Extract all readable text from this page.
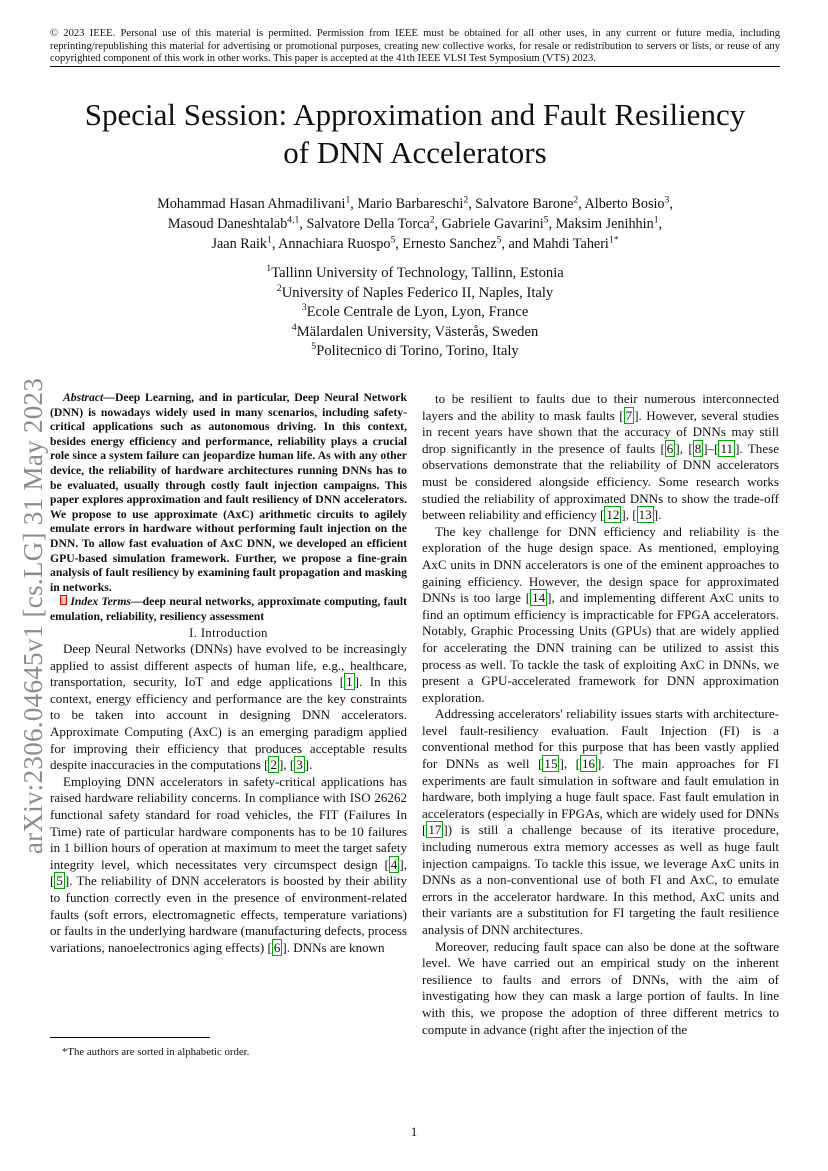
© 2023 IEEE. Personal use of this material is permitted. Permission from IEEE must be obtained for all other uses, in any current or future media, including reprinting/republishing this material for advertising or promotional purposes, creating new collective works, for resale or redistribution to servers or lists, or reuse of any copyrighted component of this work in other works. This paper is accepted at the 41th IEEE VLSI Test Symposium (VTS) 2023.
Special Session: Approximation and Fault Resiliency
of DNN Accelerators
Mohammad Hasan Ahmadilivani$^1$, Mario Barbareschi$^2$, Salvatore Barone$^2$, Alberto Bosio$^3$,
Masoud Daneshtalab$^{4,1}$, Salvatore Della Torca$^2$, Gabriele Gavarini$^5$, Maksim Jenihhin$^1$,
Jaan Raik$^1$, Annachiara Ruospo$^5$, Ernesto Sanchez$^5$, and Mahdi Taheri$^{1*}$
$^1$Tallinn University of Technology, Tallinn, Estonia
$^2$University of Naples Federico II, Naples, Italy
$^3$Ecole Centrale de Lyon, Lyon, France
$^4$Mälardalen University, Västerås, Sweden
$^5$Politecnico di Torino, Torino, Italy
arXiv:2306.04645v1 [cs.LG] 31 May 2023	Abstract—Deep Learning, and in particular, Deep Neural Network (DNN) is nowadays widely used in many scenarios, including safety-critical applications such as autonomous driving. In this context, besides energy efficiency and performance, reliability plays a crucial role since a system failure can jeopardize human life. As with any other device, the reliability of hardware architectures running DNNs has to be evaluated, usually through costly fault injection campaigns. This paper explores approximation and fault resiliency of DNN accelerators. We propose to use approximate (AxC) arithmetic circuits to agilely emulate errors in hardware without performing fault injection on the DNN. To allow fast evaluation of AxC DNN, we developed an efficient GPU-based simulation framework. Further, we propose a fine-grain analysis of fault resiliency by examining fault propagation and masking in networks.

Index Terms—deep neural networks, approximate computing, fault emulation, reliability, resiliency assessment

I. Introduction

Deep Neural Networks (DNNs) have evolved to be increasingly applied to assist different aspects of human life, e.g., healthcare, transportation, security, IoT and edge applications [ 1 ]. In this context, energy efficiency and performance are the key constraints to be taken into account in designing DNN accelerators. Approximate Computing (AxC) is an emerging paradigm applied for improving their efficiency that produces acceptable results despite inaccuracies in the computations [ 2 ], [ 3 ].

Employing DNN accelerators in safety-critical applications has raised hardware reliability concerns. In compliance with ISO 26262 functional safety standard for road vehicles, the FIT (Failures In Time) rate of particular hardware components has to be 10 failures in 1 billion hours of operation at maximum to meet the target safety integrity level, which necessitates very circumspect design [ 4 ], [ 5 ]. The reliability of DNN accelerators is boosted by their ability to function correctly even in the presence of environment-related faults (soft errors, electromagnetic effects, temperature variations) or faults in the underlying hardware (manufacturing defects, process variations, nanoelectronics aging effects) [ 6 ]. DNNs are known

to be resilient to faults due to their numerous interconnected layers and the ability to mask faults [ 7 ]. However, several studies in recent years have shown that the accuracy of DNNs may still drop significantly in the presence of faults [ 6 ], [ 8 ]–[ 11 ]. These observations demonstrate that the reliability of DNN accelerators must be considered alongside efficiency. Some research works studied the reliability of approximated DNNs to show the trade-off between reliability and efficiency [ 12 ], [ 13 ].

The key challenge for DNN efficiency and reliability is the exploration of the huge design space. As mentioned, employing AxC units in DNN accelerators is one of the eminent approaches to gaining efficiency. However, the design space for approximated DNNs is too large [ 14 ], and implementing different AxC units to find an optimum efficiency is impracticable for FPGA accelerators. Notably, Graphic Processing Units (GPUs) that are widely applied for accelerating the DNN training can be utilized to assist this process as well. To tackle the task of exploiting AxC in DNNs, we present a GPU-accelerated framework for DNN approximation exploration.

Addressing accelerators' reliability issues starts with architecture-level fault-resiliency evaluation. Fault Injection (FI) is a conventional method for this purpose that has been vastly applied for DNNs as well [ 15 ], [ 16 ]. The main approaches for FI experiments are fault simulation in software and fault emulation in hardware, both implying a huge fault space. Fast fault emulation in accelerators (especially in FPGAs, which are widely used for DNNs [ 17 ]) is still a challenge because of its iterative procedure, including numerous extra memory accesses as well as huge fault injection campaigns. To tackle this issue, we leverage AxC units in DNNs as a non-conventional use of both FI and AxC, to emulate errors in the accelerator hardware. In this method, AxC units and their variants are a substitution for FI targeting the fault resilience analysis of DNN architectures.

Moreover, reducing fault space can also be done at the software level. We have carried out an empirical study on the inherent resilience to faults and errors of DNNs, with the aim of investigating how they can mask a large portion of faults. In line with this, we propose the adoption of three different metrics to compute in advance (right after the injection of the

*The authors are sorted in alphabetic order.
1
